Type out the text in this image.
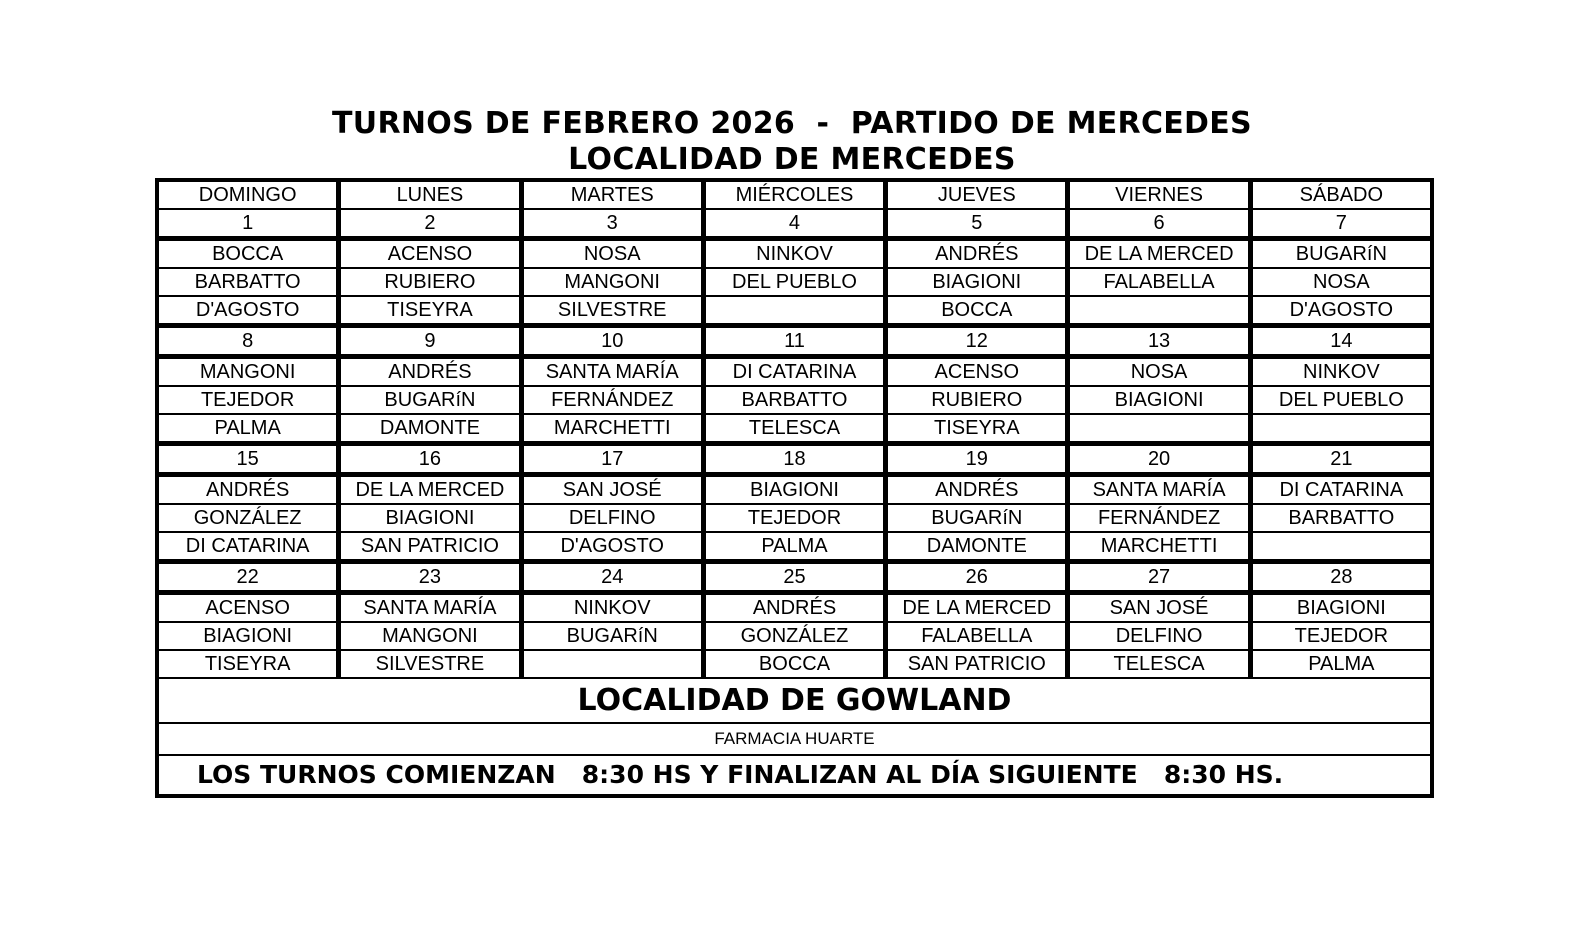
TURNOS DE FEBRERO 2026  -  PARTIDO DE MERCEDES
LOCALIDAD DE MERCEDES
DOMINGO
1
BOCCA
BARBATTO
D'AGOSTO
8
MANGONI
TEJEDOR
PALMA
15
ANDRÉS
GONZÁLEZ
DI CATARINA
22
ACENSO
BIAGIONI
TISEYRA
LUNES
2
ACENSO
RUBIERO
TISEYRA
9
ANDRÉS
BUGARíN
DAMONTE
16
DE LA MERCED
BIAGIONI
SAN PATRICIO
23
SANTA MARÍA
MANGONI
SILVESTRE
MARTES
3
NOSA
MANGONI
SILVESTRE
10
SANTA MARÍA
FERNÁNDEZ
MARCHETTI
17
SAN JOSÉ
DELFINO
D'AGOSTO
24
NINKOV
BUGARíN
MIÉRCOLES
4
NINKOV
DEL PUEBLO
11
DI CATARINA
BARBATTO
TELESCA
18
BIAGIONI
TEJEDOR
PALMA
25
ANDRÉS
GONZÁLEZ
BOCCA
JUEVES
5
ANDRÉS
BIAGIONI
BOCCA
12
ACENSO
RUBIERO
TISEYRA
19
ANDRÉS
BUGARíN
DAMONTE
26
DE LA MERCED
FALABELLA
SAN PATRICIO
VIERNES
6
DE LA MERCED
FALABELLA
13
NOSA
BIAGIONI
20
SANTA MARÍA
FERNÁNDEZ
MARCHETTI
27
SAN JOSÉ
DELFINO
TELESCA
SÁBADO
7
BUGARíN
NOSA
D'AGOSTO
14
NINKOV
DEL PUEBLO
21
DI CATARINA
BARBATTO
28
BIAGIONI
TEJEDOR
PALMA
LOCALIDAD DE GOWLAND
FARMACIA HUARTE
LOS TURNOS COMIENZAN   8:30 HS Y FINALIZAN AL DÍA SIGUIENTE   8:30 HS.
